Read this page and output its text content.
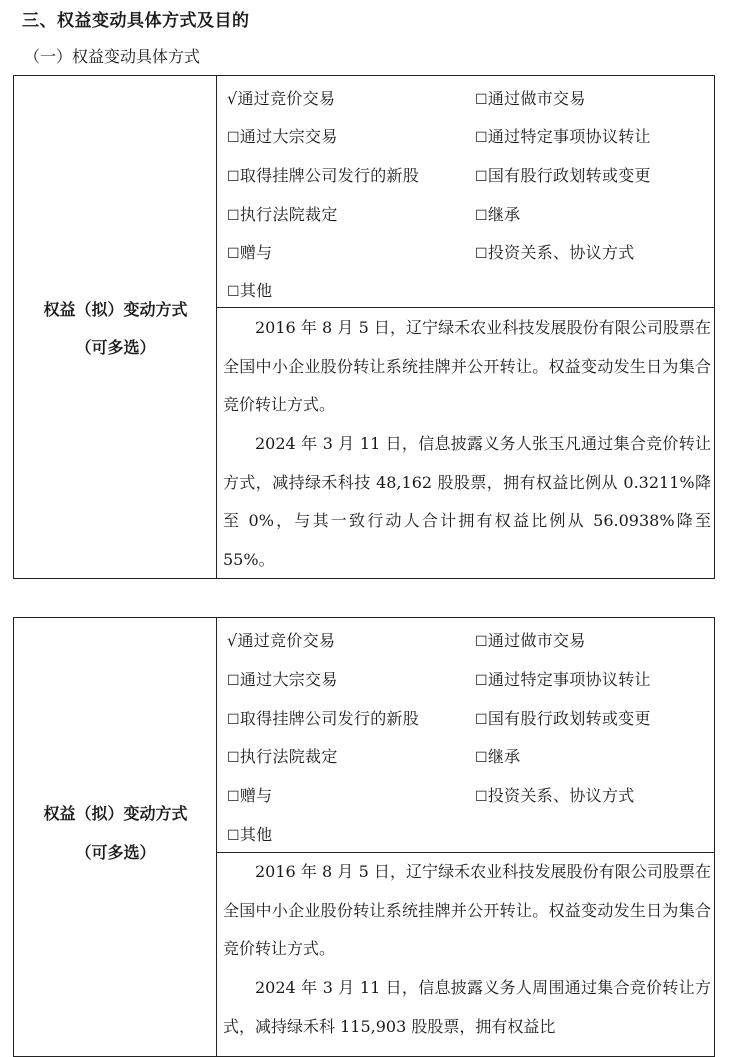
三、权益变动具体方式及目的
（一）权益变动具体方式
权益（拟）变动方式
（可多选）
√通过竞价交易	☐通过做市交易
☐通过大宗交易	☐通过特定事项协议转让
☐取得挂牌公司发行的新股	☐国有股行政划转或变更
☐执行法院裁定	☐继承
☐赠与	☐投资关系、协议方式
☐其他

2016 年 8 月 5 日，辽宁绿禾农业科技发展股份有限公司股票在全国中小企业股份转让系统挂牌并公开转让。权益变动发生日为集合竞价转让方式。

2024 年 3 月 11 日，信息披露义务人张玉凡通过集合竞价转让方式，减持绿禾科技 48,162 股股票，拥有权益比例从 0.3211%降至 0%，与其一致行动人合计拥有权益比例从 56.0938%降至 55%。

权益（拟）变动方式
（可多选）
√通过竞价交易	☐通过做市交易
☐通过大宗交易	☐通过特定事项协议转让
☐取得挂牌公司发行的新股	☐国有股行政划转或变更
☐执行法院裁定	☐继承
☐赠与	☐投资关系、协议方式
☐其他

2016 年 8 月 5 日，辽宁绿禾农业科技发展股份有限公司股票在全国中小企业股份转让系统挂牌并公开转让。权益变动发生日为集合竞价转让方式。

2024 年 3 月 11 日，信息披露义务人周围通过集合竞价转让方式，减持绿禾科 115,903 股股票，拥有权益比
